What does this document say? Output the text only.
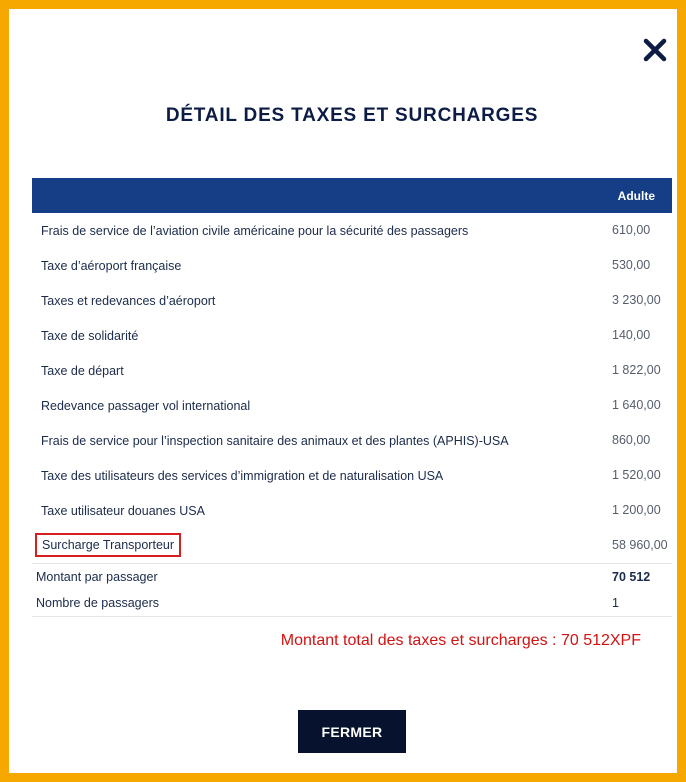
DÉTAIL DES TAXES ET SURCHARGES
Adulte
Frais de service de l’aviation civile américaine pour la sécurité des passagers	610,00
Taxe d’aéroport française	530,00
Taxes et redevances d’aéroport	3 230,00
Taxe de solidarité	140,00
Taxe de départ	1 822,00
Redevance passager vol international	1 640,00
Frais de service pour l’inspection sanitaire des animaux et des plantes (APHIS)-USA	860,00
Taxe des utilisateurs des services d’immigration et de naturalisation USA	1 520,00
Taxe utilisateur douanes USA	1 200,00
Surcharge Transporteur	58 960,00
Montant par passager	70 512
Nombre de passagers	1
Montant total des taxes et surcharges : 70 512XPF
FERMER
